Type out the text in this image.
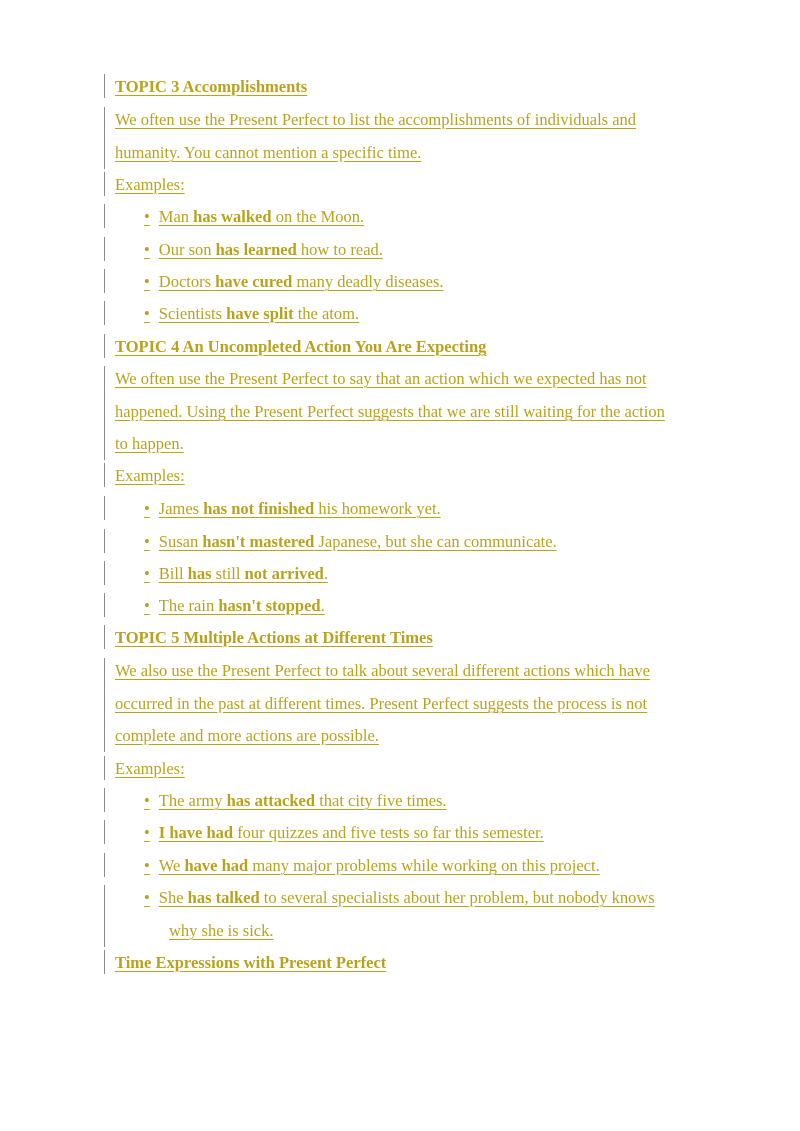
TOPIC 3 Accomplishments
We often use the Present Perfect to list the accomplishments of individuals and
humanity. You cannot mention a specific time.
Examples:
• Man has walked on the Moon.
• Our son has learned how to read.
• Doctors have cured many deadly diseases.
• Scientists have split the atom.
TOPIC 4 An Uncompleted Action You Are Expecting
We often use the Present Perfect to say that an action which we expected has not
happened. Using the Present Perfect suggests that we are still waiting for the action
to happen.
Examples:
• James has not finished his homework yet.
• Susan hasn't mastered Japanese, but she can communicate.
• Bill has still not arrived.
• The rain hasn't stopped.
TOPIC 5 Multiple Actions at Different Times
We also use the Present Perfect to talk about several different actions which have
occurred in the past at different times. Present Perfect suggests the process is not
complete and more actions are possible.
Examples:
• The army has attacked that city five times.
• I have had four quizzes and five tests so far this semester.
• We have had many major problems while working on this project.
• She has talked to several specialists about her problem, but nobody knows
why she is sick.
Time Expressions with Present Perfect
